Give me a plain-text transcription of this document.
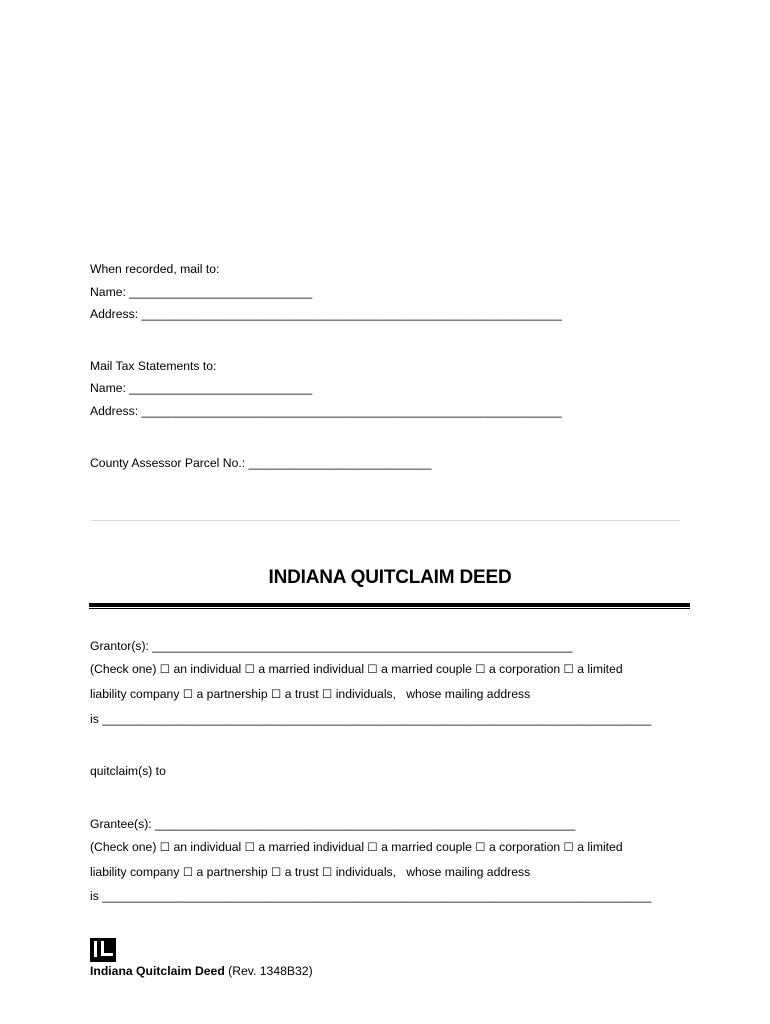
When recorded, mail to:
Name: ___________________________
Address: ______________________________________________________________
Mail Tax Statements to:
Name: ___________________________
Address: ______________________________________________________________
County Assessor Parcel No.: ___________________________
INDIANA QUITCLAIM DEED
Grantor(s): ______________________________________________________________
(Check one) ☐ an individual ☐ a married individual ☐ a married couple ☐ a corporation ☐ a limited
liability company ☐ a partnership ☐ a trust ☐ individuals, whose mailing address
is _________________________________________________________________________________
quitclaim(s) to
Grantee(s): ______________________________________________________________
(Check one) ☐ an individual ☐ a married individual ☐ a married couple ☐ a corporation ☐ a limited
liability company ☐ a partnership ☐ a trust ☐ individuals, whose mailing address
is _________________________________________________________________________________
Indiana Quitclaim Deed (Rev. 1348B32)
